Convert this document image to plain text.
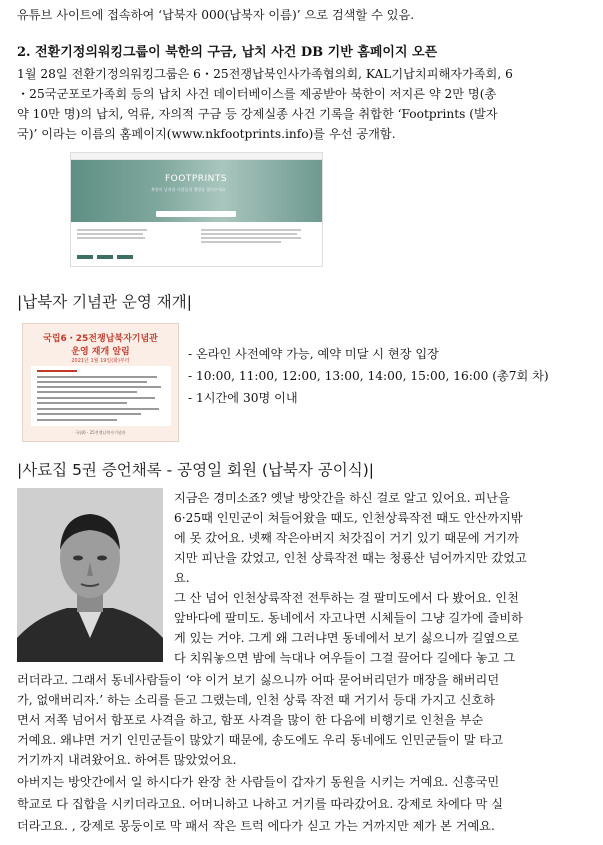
유튜브 사이트에 접속하여 ‘납북자 000(납북자 이름)’ 으로 검색할 수 있음.
2. 전환기정의워킹그룹이 북한의 구금, 납치 사건 DB 기반 홈페이지 오픈
1월 28일 전환기정의워킹그룹은 6・25전쟁납북인사가족협의회, KAL기납치피해자가족회, 6
・25국군포로가족회 등의 납치 사건 데이터베이스를 제공받아 북한이 저지른 약 2만 명(총
약 10만 명)의 납치, 억류, 자의적 구금 등 강제실종 사건 기록을 취합한 ‘Footprints (발자
국)’ 이라는 이름의 홈페이지(www.nkfootprints.info)를 우선 공개함.
FOOTPRINTS
북한이 납치한 사람들의 행방을 찾아주세요
|납북자 기념관 운영 재개|
국립6・25전쟁납북자기념관
운영 재개 알림
2021년 1월 19일(화)부터
국립6・25전쟁납북자기념관
- 온라인 사전예약 가능, 예약 미달 시 현장 입장
- 10:00, 11:00, 12:00, 13:00, 14:00, 15:00, 16:00 (총7회 차)
- 1시간에 30명 이내
|사료집 5권 증언채록 - 공영일 회원 (납북자 공이식)|
지금은 경미소죠? 옛날 방앗간을 하신 걸로 알고 있어요. 피난을
6·25때 인민군이 쳐들어왔을 때도, 인천상륙작전 때도 안산까지밖
에 못 갔어요. 넷째 작은아버지 처갓집이 거기 있기 때문에 거기까
지만 피난을 갔었고, 인천 상륙작전 때는 청룡산 넘어까지만 갔었고
요.
그 산 넘어 인천상륙작전 전투하는 걸 팔미도에서 다 봤어요. 인천
앞바다에 팔미도. 동네에서 자고나면 시체들이 그냥 길가에 즐비하
게 있는 거야. 그게 왜 그러냐면 동네에서 보기 싫으니까 길옆으로
다 치워놓으면 밤에 늑대나 여우들이 그걸 끌어다 길에다 놓고 그
러더라고. 그래서 동네사람들이 ‘야 이거 보기 싫으니까 어따 묻어버리던가 매장을 해버리던
가, 없애버리자.’ 하는 소리를 듣고 그랬는데, 인천 상륙 작전 때 거기서 등대 가지고 신호하
면서 저쪽 넘어서 함포로 사격을 하고, 함포 사격을 많이 한 다음에 비행기로 인천을 부순
거예요. 왜냐면 거기 인민군들이 많았기 때문에, 송도에도 우리 동네에도 인민군들이 말 타고
거기까지 내려왔어요. 하여튼 많았었어요.
아버지는 방앗간에서 일 하시다가 완장 찬 사람들이 갑자기 동원을 시키는 거예요. 신흥국민
학교로 다 집합을 시키더라고요. 어머니하고 나하고 거기를 따라갔어요. 강제로 차에다 막 실
더라고요. , 강제로 몽둥이로 막 패서 작은 트럭 에다가 싣고 가는 거까지만 제가 본 거예요.
